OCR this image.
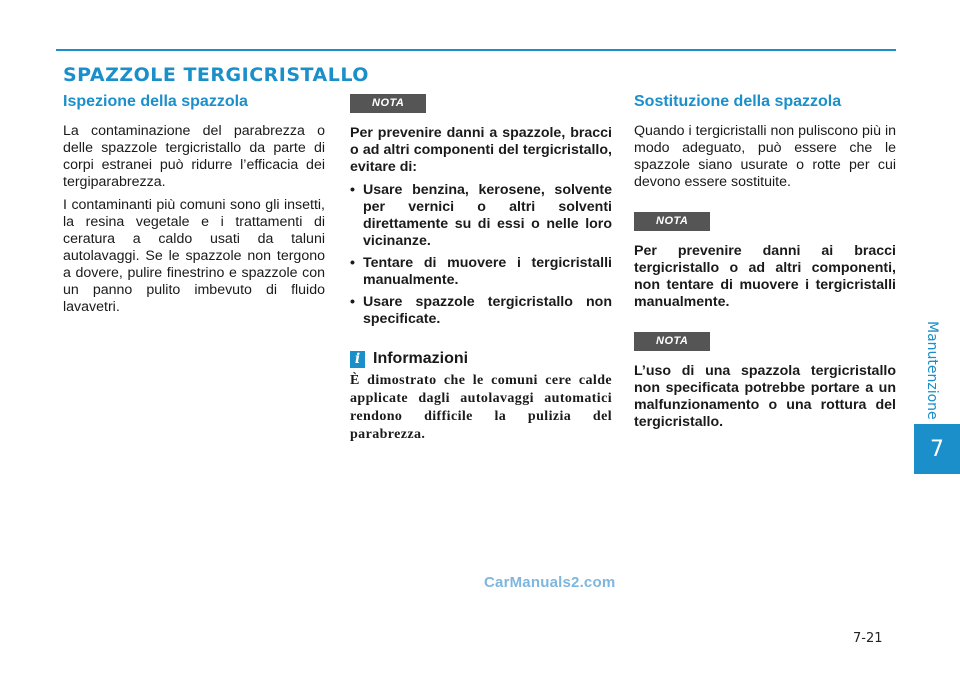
SPAZZOLE TERGICRISTALLO
Ispezione della spazzola

La contaminazione del parabrezza o delle spazzole tergicristallo da parte di corpi estranei può ridurre l’efficacia dei tergiparabrezza.

I contaminanti più comuni sono gli insetti, la resina vegetale e i trattamenti di ceratura a caldo usati da taluni autolavaggi. Se le spazzole non tergono a dovere, pulire finestrino e spazzole con un panno pulito imbevuto di fluido lavavetri.

NOTA

Per prevenire danni a spazzole, bracci o ad altri componenti del tergicristallo, evitare di:

• Usare benzina, kerosene, solvente per vernici o altri solventi direttamente su di essi o nelle loro vicinanze.
• Tentare di muovere i tergicristalli manualmente.
• Usare spazzole tergicristallo non specificate.
i Informazioni

È dimostrato che le comuni cere calde applicate dagli autolavaggi automatici rendono difficile la pulizia del parabrezza.

Sostituzione della spazzola

Quando i tergicristalli non puliscono più in modo adeguato, può essere che le spazzole siano usurate o rotte per cui devono essere sostituite.

NOTA

Per prevenire danni ai bracci tergicristallo o ad altri componenti, non tentare di muovere i tergicristalli manualmente.

NOTA

L’uso di una spazzola tergicristallo non specificata potrebbe portare a un malfunzionamento o una rottura del tergicristallo.

Manutenzione
7
CarManuals2.com
7-21
